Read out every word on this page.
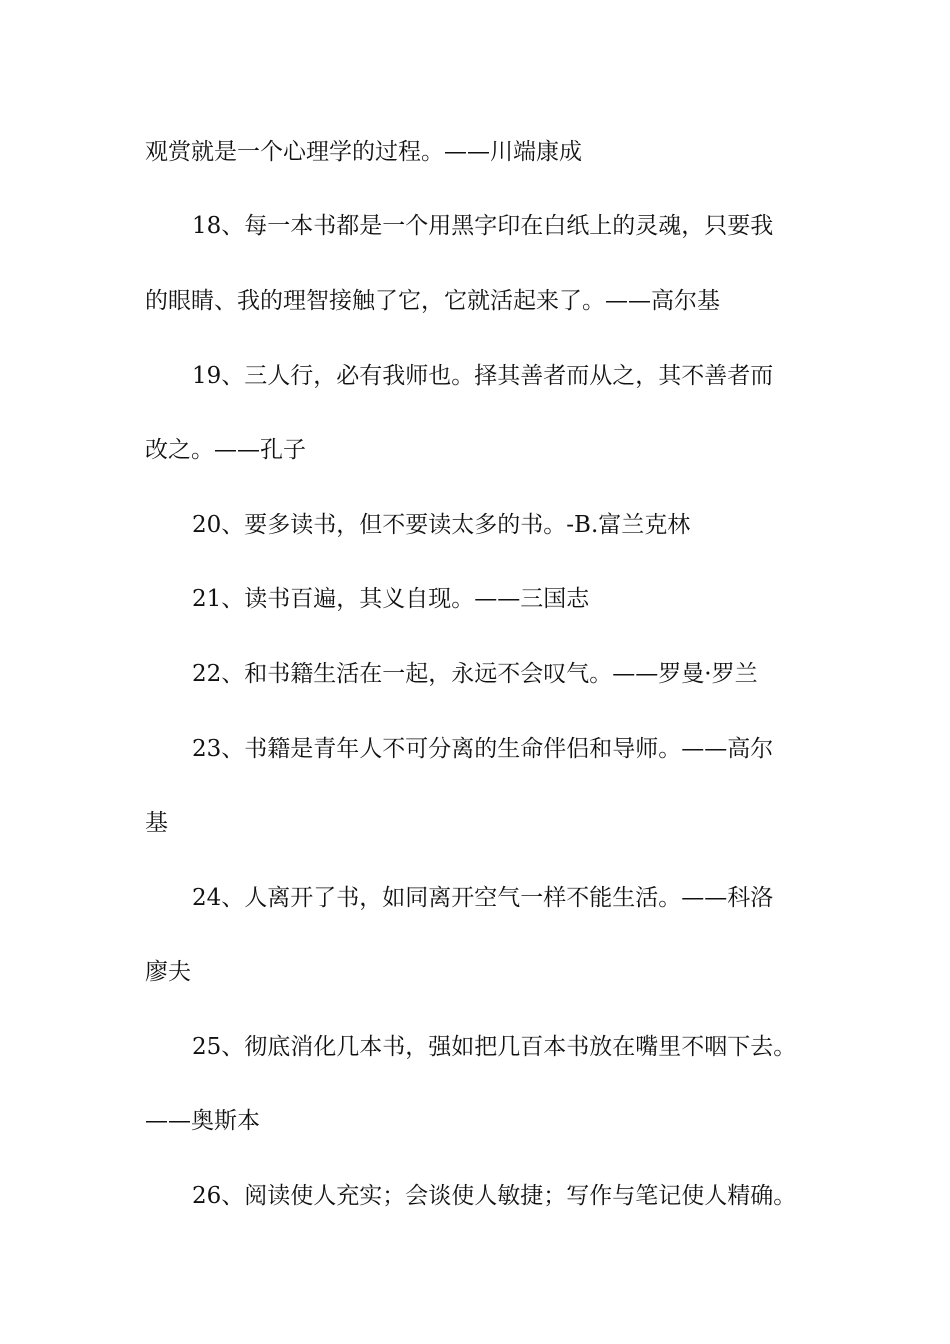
观赏就是一个心理学的过程。——川端康成
18、每一本书都是一个用黑字印在白纸上的灵魂，只要我
的眼睛、我的理智接触了它，它就活起来了。——高尔基
19、三人行，必有我师也。择其善者而从之，其不善者而
改之。——孔子
20、要多读书，但不要读太多的书。-B.富兰克林
21、读书百遍，其义自现。——三国志
22、和书籍生活在一起，永远不会叹气。——罗曼·罗兰
23、书籍是青年人不可分离的生命伴侣和导师。——高尔
基
24、人离开了书，如同离开空气一样不能生活。——科洛
廖夫
25、彻底消化几本书，强如把几百本书放在嘴里不咽下去。
——奥斯本
26、阅读使人充实；会谈使人敏捷；写作与笔记使人精确。
